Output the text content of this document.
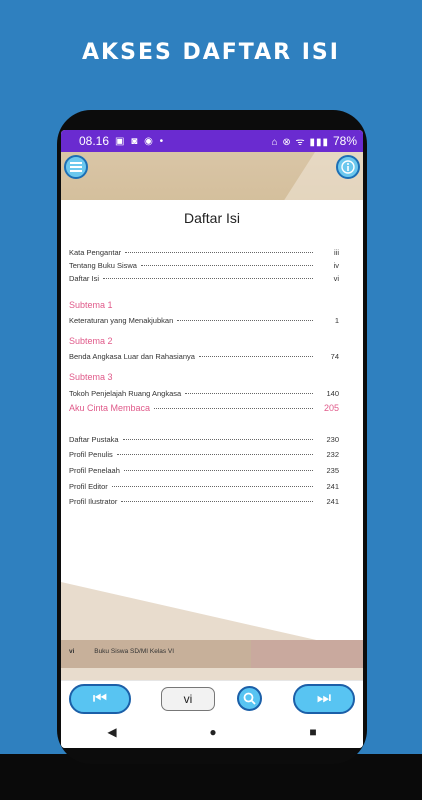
AKSES DAFTAR ISI
08.16 ▣ ◙ ◉ •	⌂ ⊗ ᯤ ▮▮▮ 78%
Daftar Isi
Kata Pengantar	iii
Tentang Buku Siswa	iv
Daftar Isi	vi
Subtema 1
Keteraturan yang Menakjubkan	1
Subtema 2
Benda Angkasa Luar dan Rahasianya	74
Subtema 3
Tokoh Penjelajah Ruang Angkasa	140
Aku Cinta Membaca	205
Daftar Pustaka	230
Profil Penulis	232
Profil Penelaah	235
Profil Editor	241
Profil Ilustrator	241
vi	Buku Siswa SD/MI Kelas VI
⏮	vi	⏭
◀	●	■
